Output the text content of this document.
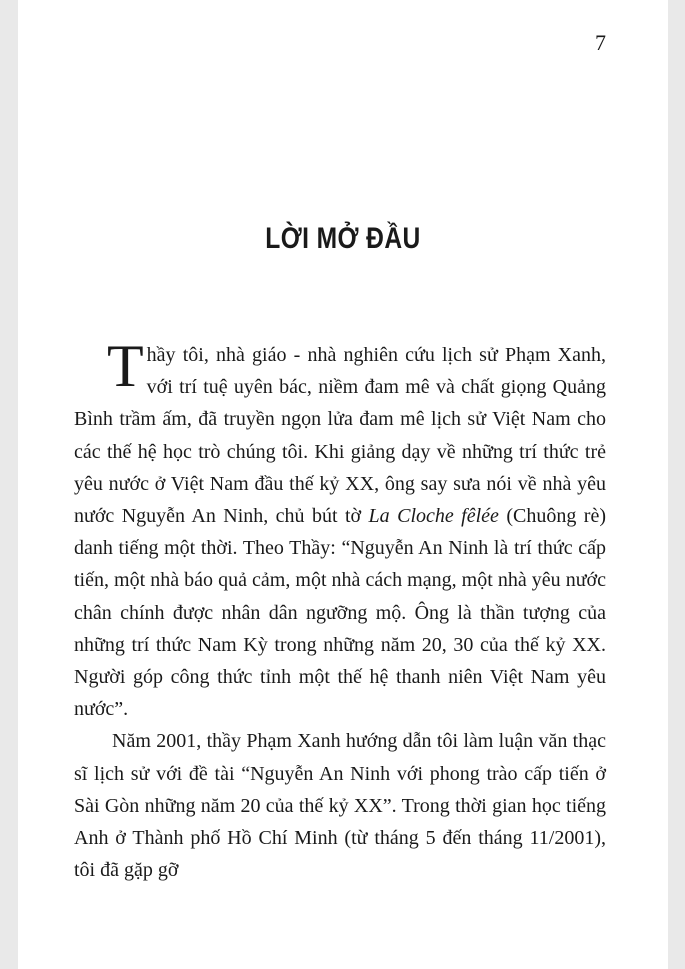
7
LỜI MỞ ĐẦU

Thầy tôi, nhà giáo - nhà nghiên cứu lịch sử Phạm Xanh, với trí tuệ uyên bác, niềm đam mê và chất giọng Quảng Bình trầm ấm, đã truyền ngọn lửa đam mê lịch sử Việt Nam cho các thế hệ học trò chúng tôi. Khi giảng dạy về những trí thức trẻ yêu nước ở Việt Nam đầu thế kỷ XX, ông say sưa nói về nhà yêu nước Nguyễn An Ninh, chủ bút tờ La Cloche fêlée (Chuông rè) danh tiếng một thời. Theo Thầy: “Nguyễn An Ninh là trí thức cấp tiến, một nhà báo quả cảm, một nhà cách mạng, một nhà yêu nước chân chính được nhân dân ngưỡng mộ. Ông là thần tượng của những trí thức Nam Kỳ trong những năm 20, 30 của thế kỷ XX. Người góp công thức tỉnh một thế hệ thanh niên Việt Nam yêu nước”.

Năm 2001, thầy Phạm Xanh hướng dẫn tôi làm luận văn thạc sĩ lịch sử với đề tài “Nguyễn An Ninh với phong trào cấp tiến ở Sài Gòn những năm 20 của thế kỷ XX”. Trong thời gian học tiếng Anh ở Thành phố Hồ Chí Minh (từ tháng 5 đến tháng 11/2001), tôi đã gặp gỡ
